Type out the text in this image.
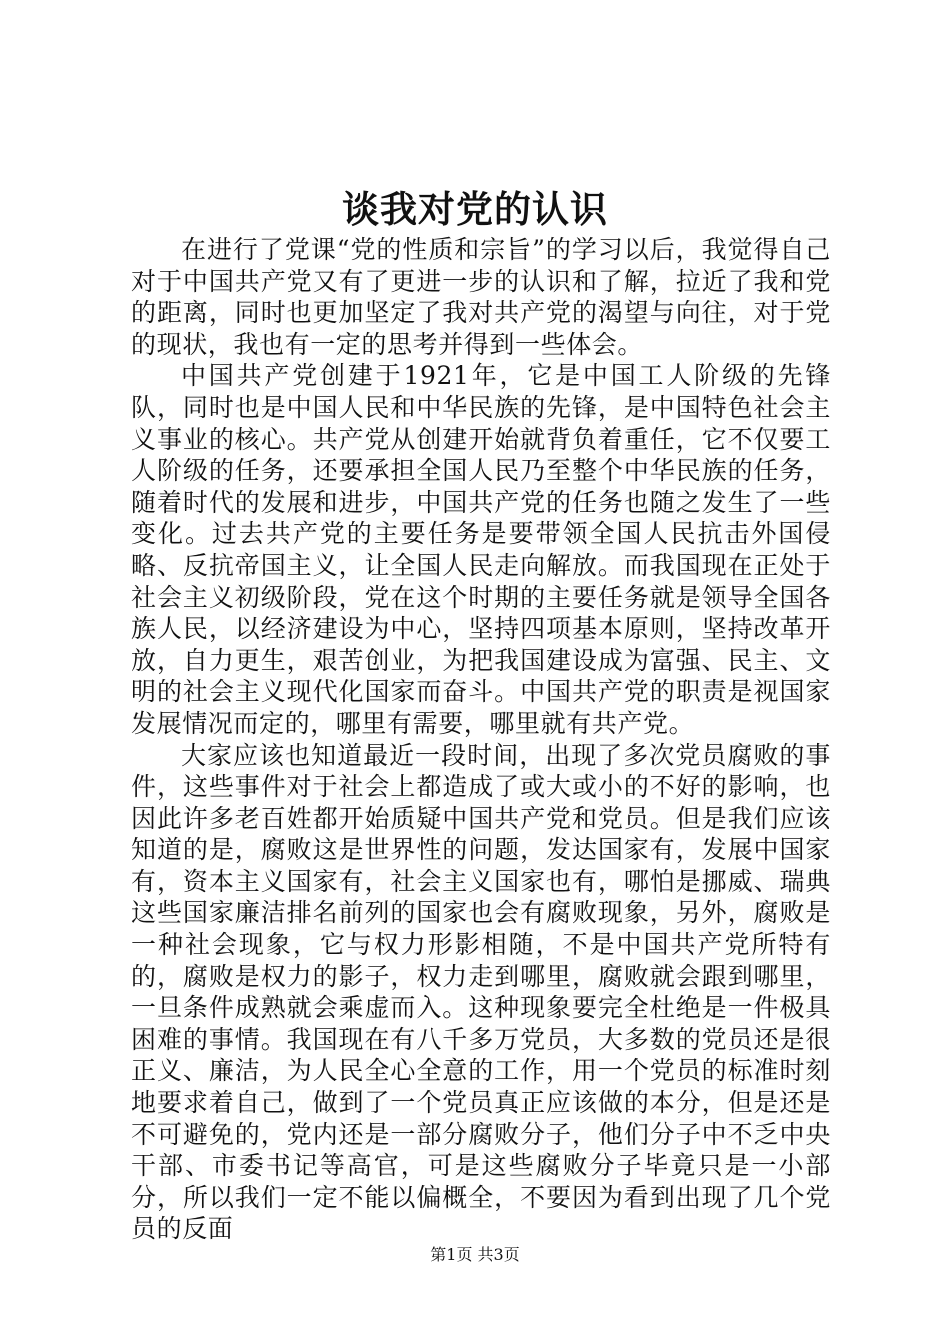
谈我对党的认识

在进行了党课“党的性质和宗旨”的学习以后，我觉得自己对于中国共产党又有了更进一步的认识和了解，拉近了我和党的距离，同时也更加坚定了我对共产党的渴望与向往，对于党的现状，我也有一定的思考并得到一些体会。

中国共产党创建于1921年，它是中国工人阶级的先锋队，同时也是中国人民和中华民族的先锋，是中国特色社会主义事业的核心。共产党从创建开始就背负着重任，它不仅要工人阶级的任务，还要承担全国人民乃至整个中华民族的任务，随着时代的发展和进步，中国共产党的任务也随之发生了一些变化。过去共产党的主要任务是要带领全国人民抗击外国侵略、反抗帝国主义，让全国人民走向解放。而我国现在正处于社会主义初级阶段，党在这个时期的主要任务就是领导全国各族人民，以经济建设为中心，坚持四项基本原则，坚持改革开放，自力更生，艰苦创业，为把我国建设成为富强、民主、文明的社会主义现代化国家而奋斗。中国共产党的职责是视国家发展情况而定的，哪里有需要，哪里就有共产党。

大家应该也知道最近一段时间，出现了多次党员腐败的事件，这些事件对于社会上都造成了或大或小的不好的影响，也因此许多老百姓都开始质疑中国共产党和党员。但是我们应该知道的是，腐败这是世界性的问题，发达国家有，发展中国家有，资本主义国家有，社会主义国家也有，哪怕是挪威、瑞典这些国家廉洁排名前列的国家也会有腐败现象，另外，腐败是一种社会现象，它与权力形影相随，不是中国共产党所特有的，腐败是权力的影子，权力走到哪里，腐败就会跟到哪里，一旦条件成熟就会乘虚而入。这种现象要完全杜绝是一件极具困难的事情。我国现在有八千多万党员，大多数的党员还是很正义、廉洁，为人民全心全意的工作，用一个党员的标准时刻地要求着自己，做到了一个党员真正应该做的本分，但是还是不可避免的，党内还是一部分腐败分子，他们分子中不乏中央干部、市委书记等高官，可是这些腐败分子毕竟只是一小部分，所以我们一定不能以偏概全，不要因为看到出现了几个党员的反面

第1页 共3页
